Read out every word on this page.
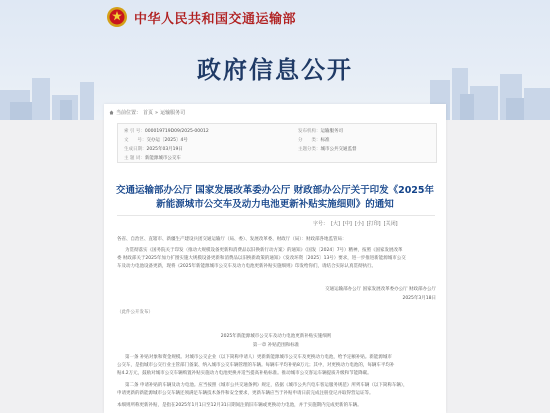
中华人民共和国交通运输部
政府信息公开
当前位置： 首页 » 运输服务司
索 引 号：000019719D09/2025-00012
文　　号：交办运〔2025〕4号
生成日期：2025年03月19日
主 题 词：新能源城市公交车
发布机构：运输服务司
分　　类：标准
主题分类：城市公共交通监督
交通运输部办公厅 国家发展改革委办公厅 财政部办公厅关于印发《2025年
新能源城市公交车及动力电池更新补贴实施细则》的通知
字号： [大] [中] [小] [打印] [关闭]
各省、自治区、直辖市、新疆生产建设兵团交通运输厅（局、委）、发展改革委、财政厅（局）：财政部各地监管局：
为贯彻落实《国务院关于印发〈推动大规模设备更新和消费品以旧换新行动方案〉的通知》（国发〔2024〕7号）精神，按照《国家发展改革
委 财政部关于2025年加力扩围实施大规模设备更新和消费品以旧换新政策的通知》（发改环资〔2025〕13号）要求，进一步推进新能源城市公交
车及动力电池设备更新，现将《2025年新能源城市公交车及动力电池更新补贴实施细则》印发给你们，请结合实际认真贯彻执行。
交通运输部办公厅 国家发展改革委办公厅 财政部办公厅
2025年3月18日
（此件公开发布）
2025年新能源城市公交车及动力电池更新补贴实施细则
第一章 补贴范围和标准
第一条 补贴对象和资金规模。对城市公交企业（以下简称申请人）更新新能源城市公交车及更换动力电池，给予定额补贴。新能源城市
公交车，是指城市公交行业主管部门备案、纳入城市公交车辆管理的车辆。每辆车平均补贴8万元；其中，对更换动力电池的，每辆车平均补
贴4.2万元，鼓励对城市公交车辆购置补贴实施动力电池更换并适当提高补贴标准。推动城市公交客运车辆提质升级和节能降碳。
第二条 申请补贴的车辆及动力电池。应当按照《城市公共交通条例》规定，依据《城市公共汽电车客运服务规范》所列车辆（以下简称车辆），
申请更新的新能源城市公交车辆还须满足车辆技术条件和安全要求，更新车辆应当于补贴申请日前完成注册登记并取得营运证等。
本细则所称更新补贴，是指在2025年1月1日至12月31日期间注销旧车辆或更换动力电池，并于实施期内完成更新的车辆。
